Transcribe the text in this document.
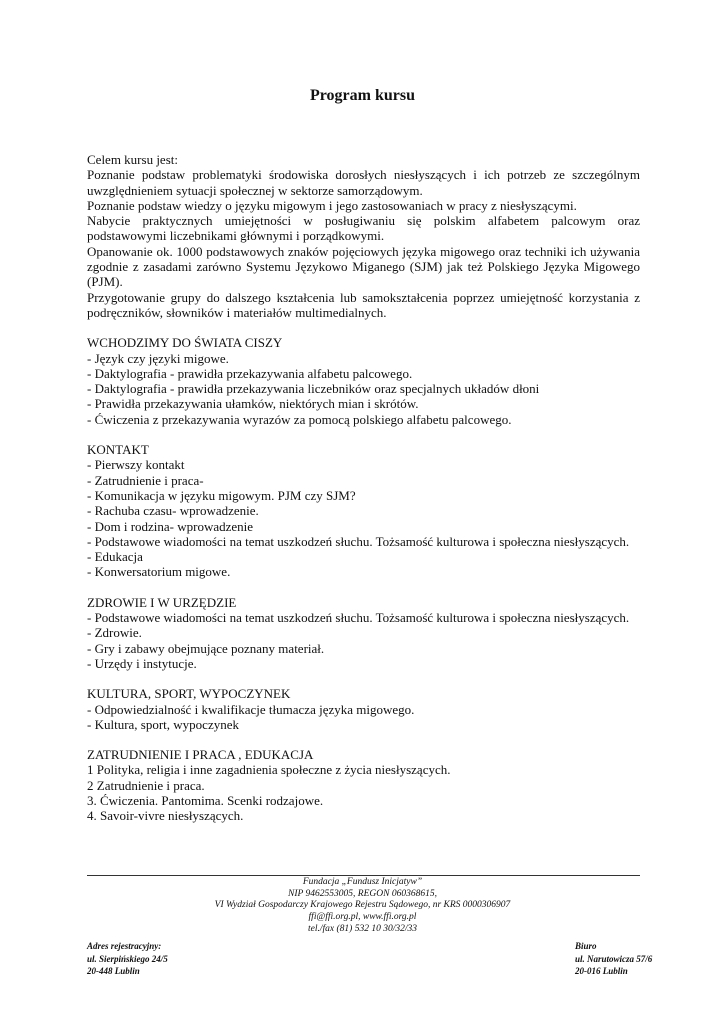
Program kursu

Celem kursu jest:

Poznanie podstaw problematyki środowiska dorosłych niesłyszących i ich potrzeb ze szczególnym uwzględnieniem sytuacji społecznej w sektorze samorządowym.

Poznanie podstaw wiedzy o języku migowym i jego zastosowaniach w pracy z niesłyszącymi.

Nabycie praktycznych umiejętności w posługiwaniu się polskim alfabetem palcowym oraz podstawowymi liczebnikami głównymi i porządkowymi.

Opanowanie ok. 1000 podstawowych znaków pojęciowych języka migowego oraz techniki ich używania zgodnie z zasadami zarówno Systemu Językowo Miganego (SJM) jak też Polskiego Języka Migowego (PJM).

Przygotowanie grupy do dalszego kształcenia lub samokształcenia poprzez umiejętność korzystania z podręczników, słowników i materiałów multimedialnych.

WCHODZIMY DO ŚWIATA CISZY

- Język czy języki migowe.

- Daktylografia - prawidła przekazywania alfabetu palcowego.

- Daktylografia - prawidła przekazywania liczebników oraz specjalnych układów dłoni

- Prawidła przekazywania ułamków, niektórych mian i skrótów.

- Ćwiczenia z przekazywania wyrazów za pomocą polskiego alfabetu palcowego.

KONTAKT

- Pierwszy kontakt

- Zatrudnienie i praca-

- Komunikacja w języku migowym. PJM czy SJM?

- Rachuba czasu- wprowadzenie.

- Dom i rodzina- wprowadzenie

- Podstawowe wiadomości na temat uszkodzeń słuchu. Tożsamość kulturowa i społeczna niesłyszących.

- Edukacja

- Konwersatorium migowe.

ZDROWIE I W URZĘDZIE

- Podstawowe wiadomości na temat uszkodzeń słuchu. Tożsamość kulturowa i społeczna niesłyszących.

- Zdrowie.

- Gry i zabawy obejmujące poznany materiał.

- Urzędy i instytucje.

KULTURA, SPORT, WYPOCZYNEK

- Odpowiedzialność i kwalifikacje tłumacza języka migowego.

- Kultura, sport, wypoczynek

ZATRUDNIENIE I PRACA , EDUKACJA

1 Polityka, religia i inne zagadnienia społeczne z życia niesłyszących.

2 Zatrudnienie i praca.

3. Ćwiczenia. Pantomima. Scenki rodzajowe.

4. Savoir-vivre niesłyszących.

Fundacja „Fundusz Inicjatyw”
NIP 9462553005, REGON 060368615,
VI Wydział Gospodarczy Krajowego Rejestru Sądowego, nr KRS 0000306907
ffi@ffi.org.pl, www.ffi.org.pl
tel./fax (81) 532 10 30/32/33
Adres rejestracyjny:
ul. Sierpińskiego 24/5
20-448 Lublin
Biuro
ul. Narutowicza 57/6
20-016 Lublin
